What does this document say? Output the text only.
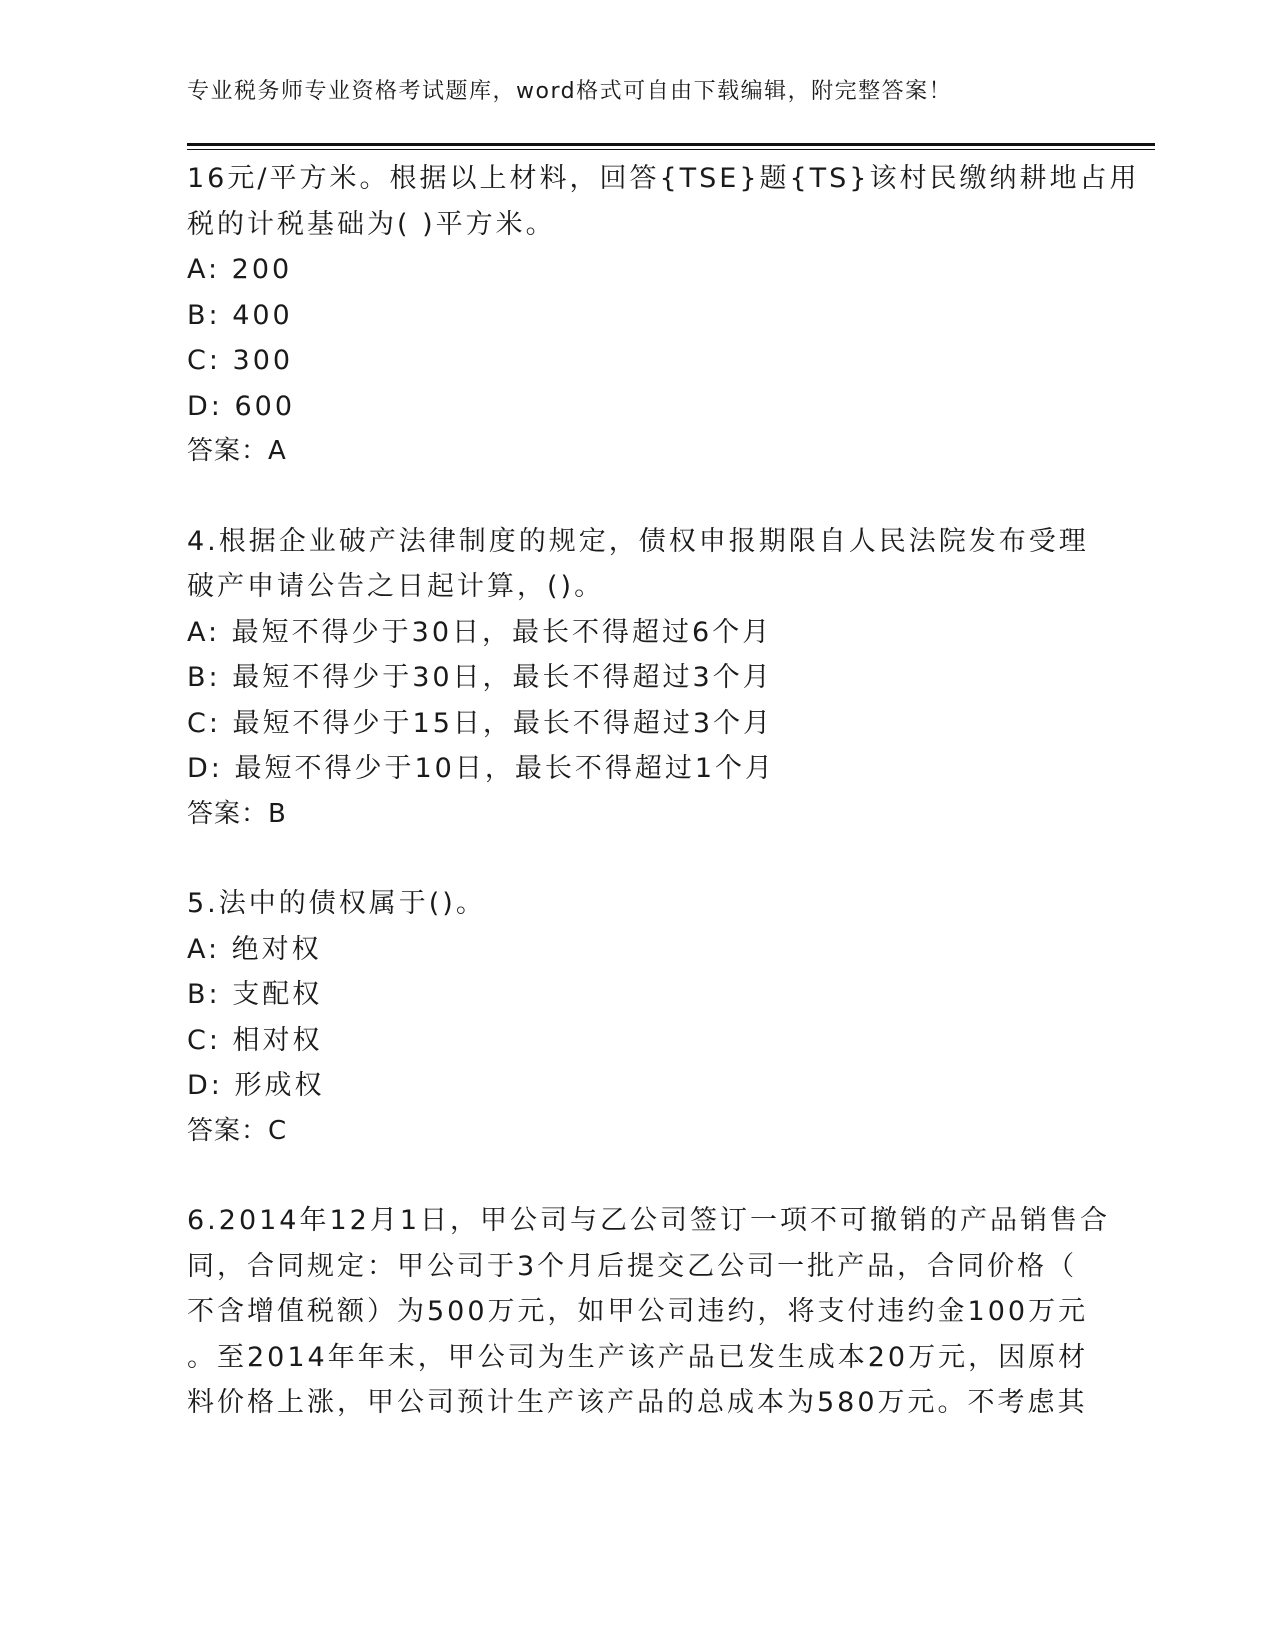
专业税务师专业资格考试题库，word格式可自由下载编辑，附完整答案！
16元/平方米。根据以上材料，回答{TSE}题{TS}该村民缴纳耕地占用
税的计税基础为( )平方米。
A: 200
B: 400
C: 300
D: 600
答案：A
4.根据企业破产法律制度的规定，债权申报期限自人民法院发布受理
破产申请公告之日起计算，()。
A: 最短不得少于30日，最长不得超过6个月
B: 最短不得少于30日，最长不得超过3个月
C: 最短不得少于15日，最长不得超过3个月
D: 最短不得少于10日，最长不得超过1个月
答案：B
5.法中的债权属于()。
A: 绝对权
B: 支配权
C: 相对权
D: 形成权
答案：C
6.2014年12月1日，甲公司与乙公司签订一项不可撤销的产品销售合
同，合同规定：甲公司于3个月后提交乙公司一批产品，合同价格（
不含增值税额）为500万元，如甲公司违约，将支付违约金100万元
。至2014年年末，甲公司为生产该产品已发生成本20万元，因原材
料价格上涨，甲公司预计生产该产品的总成本为580万元。不考虑其
